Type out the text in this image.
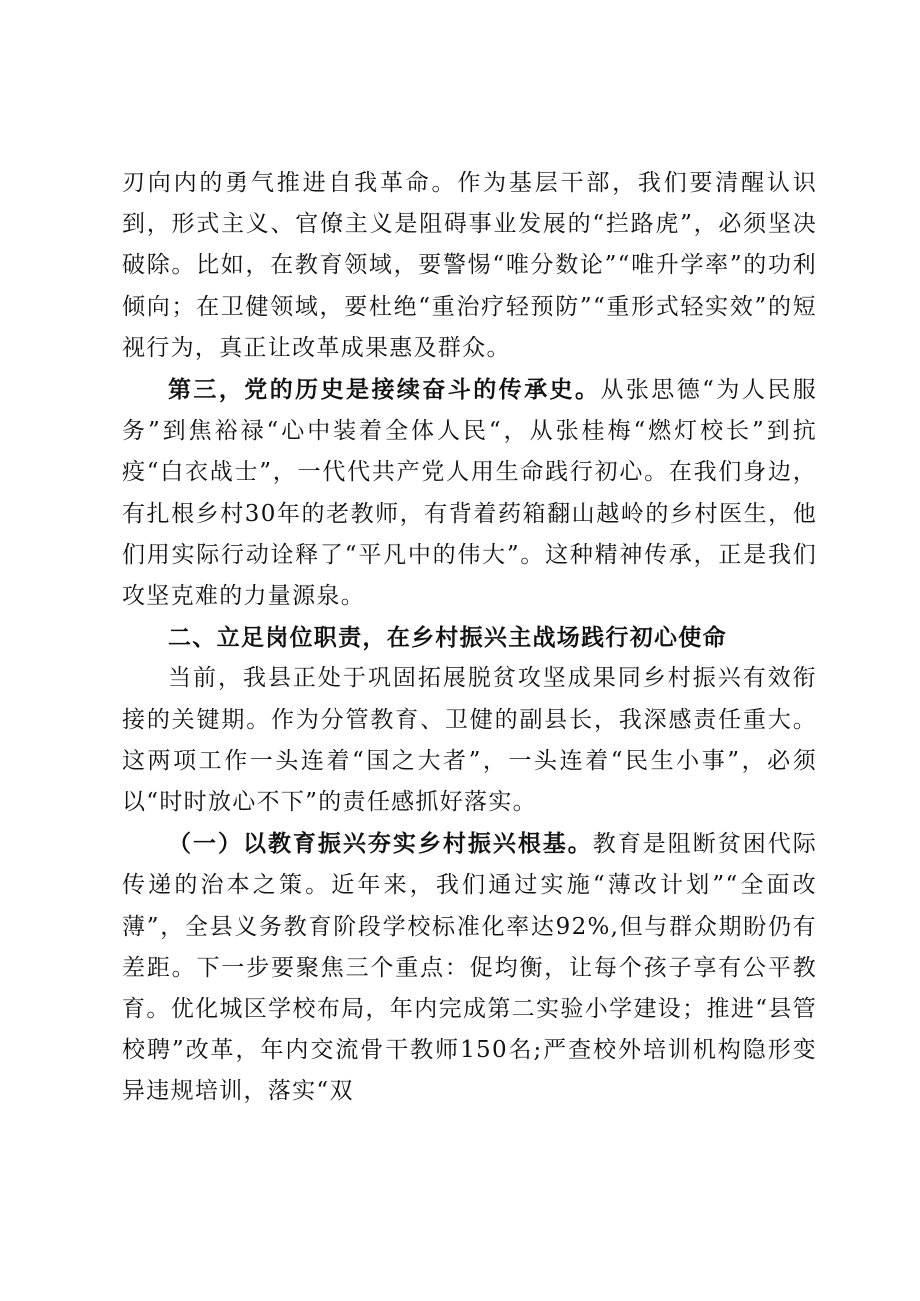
刃向内的勇气推进自我革命。作为基层干部，我们要清醒认识到，形式主义、官僚主义是阻碍事业发展的“拦路虎”，必须坚决破除。比如，在教育领域，要警惕“唯分数论”“唯升学率”的功利倾向；在卫健领域，要杜绝“重治疗轻预防”“重形式轻实效”的短视行为，真正让改革成果惠及群众。

第三，党的历史是接续奋斗的传承史。从张思德“为人民服务”到焦裕禄“心中装着全体人民“，从张桂梅“燃灯校长”到抗疫“白衣战士”，一代代共产党人用生命践行初心。在我们身边，有扎根乡村30年的老教师，有背着药箱翻山越岭的乡村医生，他们用实际行动诠释了“平凡中的伟大”。这种精神传承，正是我们攻坚克难的力量源泉。

二、立足岗位职责，在乡村振兴主战场践行初心使命

当前，我县正处于巩固拓展脱贫攻坚成果同乡村振兴有效衔接的关键期。作为分管教育、卫健的副县长，我深感责任重大。这两项工作一头连着“国之大者”，一头连着“民生小事”，必须以“时时放心不下”的责任感抓好落实。

（一）以教育振兴夯实乡村振兴根基。教育是阻断贫困代际传递的治本之策。近年来，我们通过实施“薄改计划”“全面改薄”，全县义务教育阶段学校标准化率达92%,但与群众期盼仍有差距。下一步要聚焦三个重点：促均衡，让每个孩子享有公平教育。优化城区学校布局，年内完成第二实验小学建设；推进“县管校聘”改革，年内交流骨干教师150名;严查校外培训机构隐形变异违规培训，落实“双
